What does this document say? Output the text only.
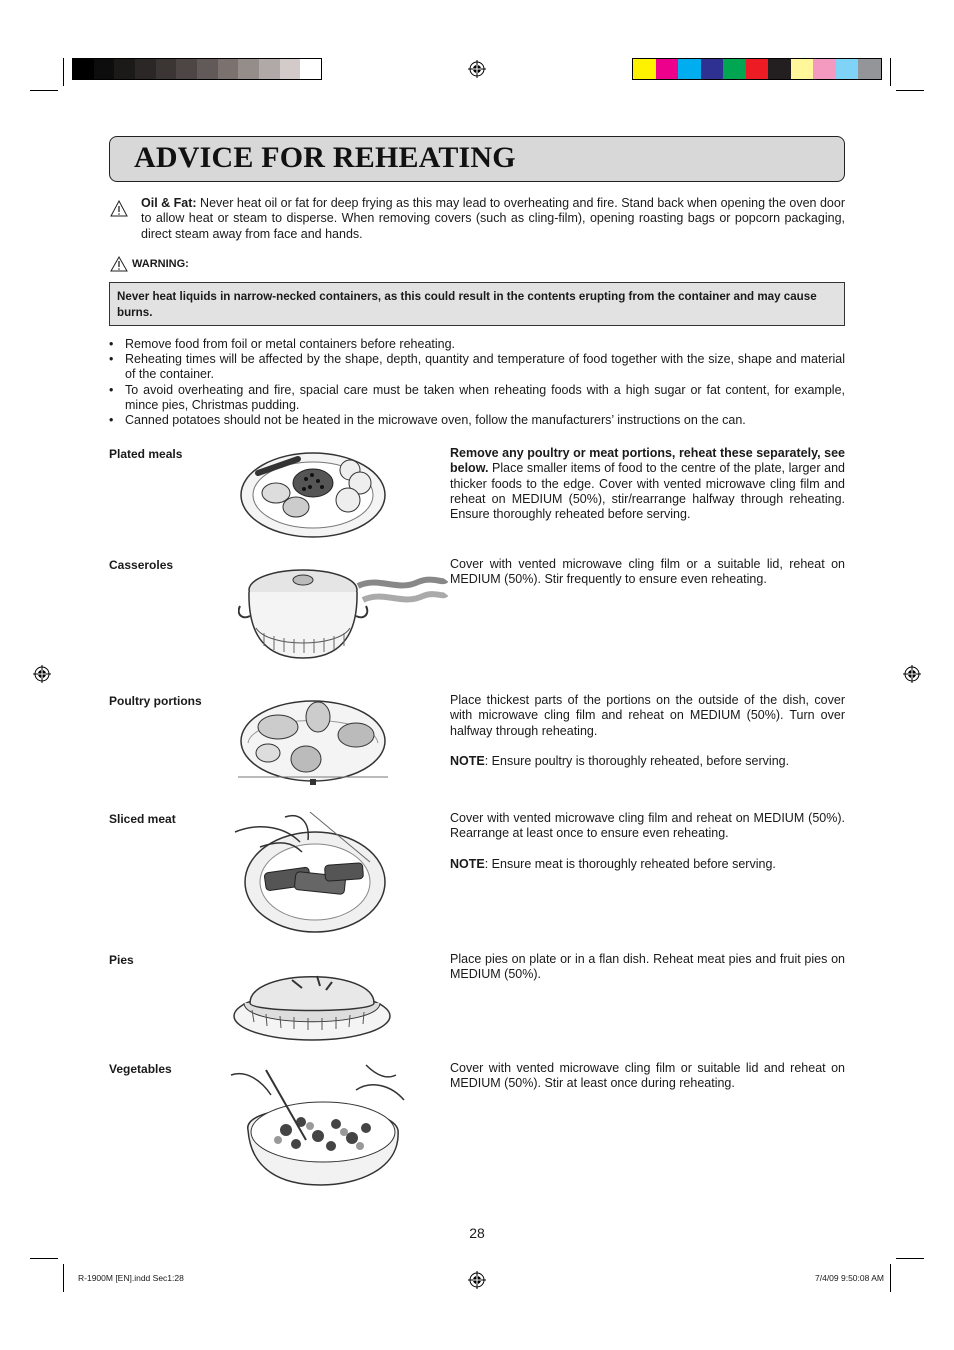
ADVICE FOR REHEATING
Oil & Fat: Never heat oil or fat for deep frying as this may lead to overheating and fire. Stand back when opening the oven door to allow heat or steam to disperse. When removing covers (such as cling-film), opening roasting bags or popcorn packaging, direct steam away from face and hands.
WARNING:
Never heat liquids in narrow-necked containers, as this could result in the contents erupting from the container and may cause burns.
• Remove food from foil or metal containers before reheating.
• Reheating times will be affected by the shape, depth, quantity and temperature of food together with the size, shape and material of the container.
• To avoid overheating and fire, spacial care must be taken when reheating foods with a high sugar or fat content, for example, mince pies, Christmas pudding.
• Canned potatoes should not be heated in the microwave oven, follow the manufacturers’ instructions on the can.
Plated meals	Remove any poultry or meat portions, reheat these separately, see below. Place smaller items of food to the centre of the plate, larger and thicker foods to the edge. Cover with vented microwave cling film and reheat on MEDIUM (50%), stir/rearrange halfway through reheating. Ensure thoroughly reheated before serving.

Casseroles	Cover with vented microwave cling film or a suitable lid, reheat on MEDIUM (50%). Stir frequently to ensure even reheating.

Poultry portions	Place thickest parts of the portions on the outside of the dish, cover with microwave cling film and reheat on MEDIUM (50%). Turn over halfway through reheating.

NOTE: Ensure poultry is thoroughly reheated, before serving.

Sliced meat	Cover with vented microwave cling film and reheat on MEDIUM (50%). Rearrange at least once to ensure even reheating.

NOTE: Ensure meat is thoroughly reheated before serving.

Pies	Place pies on plate or in a flan dish. Reheat meat pies and fruit pies on MEDIUM (50%).

Vegetables	Cover with vented microwave cling film or suitable lid and reheat on MEDIUM (50%). Stir at least once during reheating.

28
R-1900M [EN].indd Sec1:28	7/4/09 9:50:08 AM
